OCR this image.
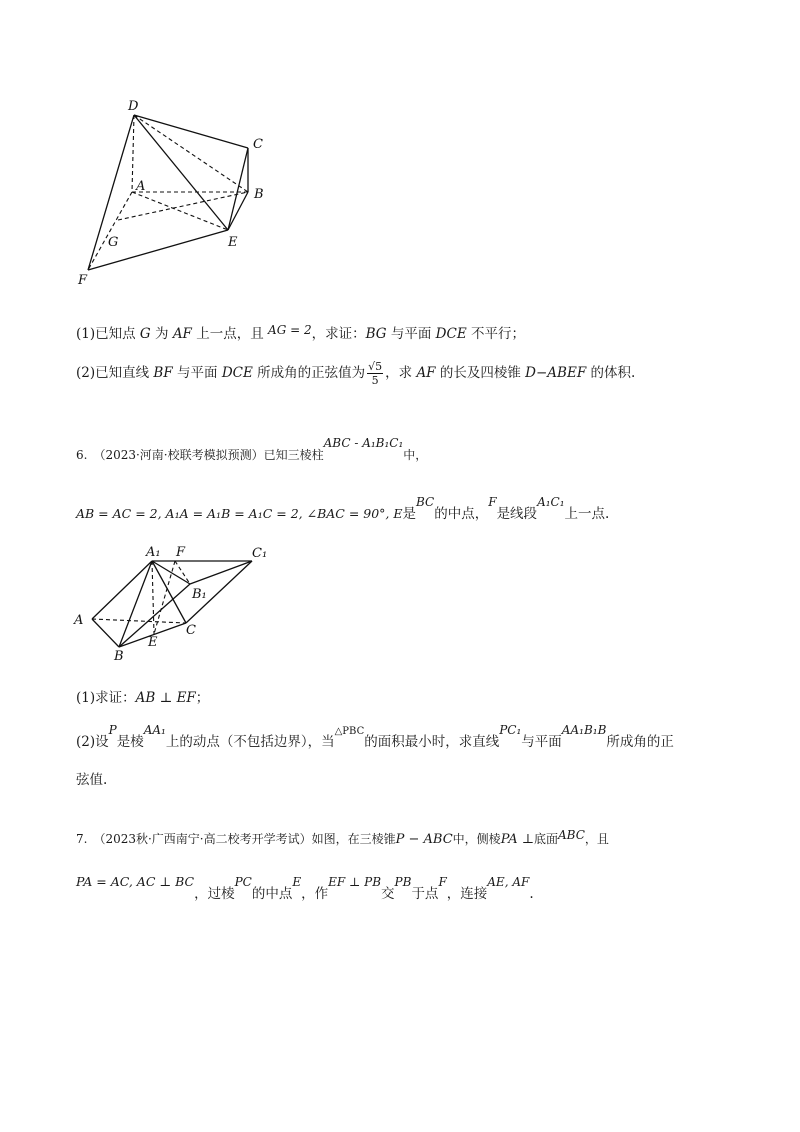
D
C
A
B
G	E
F
(1)已知点 G 为 AF 上一点，且 AG = 2，求证：BG 与平面 DCE 不平行；
(2)已知直线 BF 与平面 DCE 所成角的正弦值为 $\frac{√5}{5}$ ，求 AF 的长及四棱锥 D−ABEF 的体积.
6.　（2023·河南·校联考模拟预测）已知三棱柱ABC - A₁B₁C₁中，
AB = AC = 2, A₁A = A₁B = A₁C = 2, ∠BAC = 90°, E是BC的中点，F是线段A₁C₁上一点.
A₁ F	C₁
B₁
A
C
E
B
(1)求证：AB ⊥ EF；
(2)设P是棱AA₁上的动点（不包括边界），当$^{\triangle PBC}$的面积最小时，求直线PC₁与平面AA₁B₁B所成角的正
弦值.
7.　（2023秋·广西南宁·高二校考开学考试）如图，在三棱锥P − ABC中，侧棱PA ⊥底面ABC，且
PA = AC, AC ⊥ BC，过棱PC的中点E，作EF ⊥ PB交PB于点F，连接AE, AF.
